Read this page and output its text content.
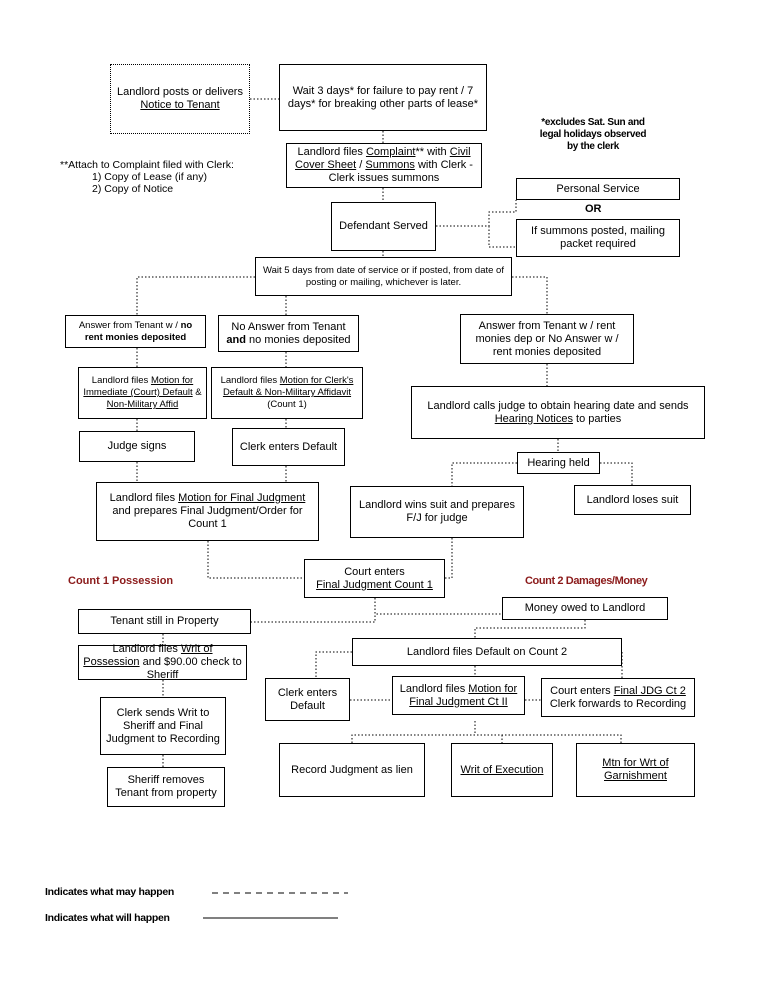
**Attach to Complaint filed with Clerk:
1) Copy of Lease (if any)
2) Copy of Notice
*excludes Sat. Sun and legal holidays observed by the clerk
Landlord posts or delivers
Notice to Tenant
Wait 3 days* for failure to pay rent / 7 days* for breaking other parts of lease*
Landlord files Complaint** with Civil Cover Sheet / Summons with Clerk - Clerk issues summons
Personal Service
OR
If summons posted, mailing packet required
Defendant Served
Wait 5 days from date of service or if posted, from date of posting or mailing, whichever is later.
Answer from Tenant w / no rent monies deposited
No Answer from Tenant
and no monies deposited
Answer from Tenant w / rent monies dep or No Answer w / rent monies deposited
Landlord files Motion for Immediate (Court) Default & Non-Military Affid
Landlord files Motion for Clerk's Default & Non-Military Affidavit (Count 1)	Landlord calls judge to obtain hearing date and sends Hearing Notices to parties
Judge signs	Clerk enters Default
Hearing held
Landlord files Motion for Final Judgment and prepares Final Judgment/Order for Count 1
Landlord wins suit and prepares F/J for judge
Landlord loses suit
Count 1 Possession	Count 2 Damages/Money
Court enters
Final Judgment Count 1
Tenant still in Property
Money owed to Landlord
Landlord files Default on Count 2
Landlord files Writ of Possession and $90.00 check to Sheriff
Clerk enters Default
Landlord files Motion for Final Judgment Ct II
Court enters Final JDG Ct 2 Clerk forwards to Recording
Clerk sends Writ to Sheriff and Final Judgment to Recording
Sheriff removes Tenant from property
Record Judgment as lien	Writ of Execution
Mtn for Wrt of Garnishment
Indicates what may happen
Indicates what will happen
